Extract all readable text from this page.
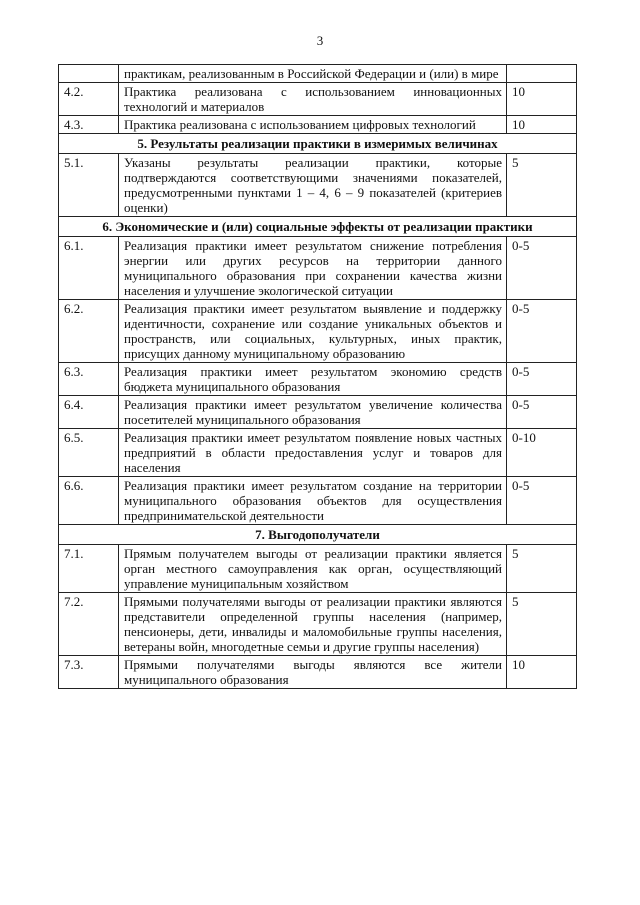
3
	практикам, реализованным в Российской Федерации и (или) в мире	
4.2.	Практика реализована с использованием инновационных технологий и материалов	10
4.3.	Практика реализована с использованием цифровых технологий	10
5. Результаты реализации практики в измеримых величинах		
5.1.	Указаны результаты реализации практики, которые подтверждаются соответствующими значениями показателей, предусмотренными пунктами 1 – 4, 6 – 9 показателей (критериев оценки)	5
6. Экономические и (или) социальные эффекты от реализации практики		
6.1.	Реализация практики имеет результатом снижение потребления энергии или других ресурсов на территории данного муниципального образования при сохранении качества жизни населения и улучшение экологической ситуации	0-5
6.2.	Реализация практики имеет результатом выявление и поддержку идентичности, сохранение или создание уникальных объектов и пространств, или социальных, культурных, иных практик, присущих данному муниципальному образованию	0-5
6.3.	Реализация практики имеет результатом экономию средств бюджета муниципального образования	0-5
6.4.	Реализация практики имеет результатом увеличение количества посетителей муниципального образования	0-5
6.5.	Реализация практики имеет результатом появление новых частных предприятий в области предоставления услуг и товаров для населения	0-10
6.6.	Реализация практики имеет результатом создание на территории муниципального образования объектов для осуществления предпринимательской деятельности	0-5
7. Выгодополучатели		
7.1.	Прямым получателем выгоды от реализации практики является орган местного самоуправления как орган, осуществляющий управление муниципальным хозяйством	5
7.2.	Прямыми получателями выгоды от реализации практики являются представители определенной группы населения (например, пенсионеры, дети, инвалиды и маломобильные группы населения, ветераны войн, многодетные семьи и другие группы населения)	5
7.3.	Прямыми получателями выгоды являются все жители муниципального образования	10
